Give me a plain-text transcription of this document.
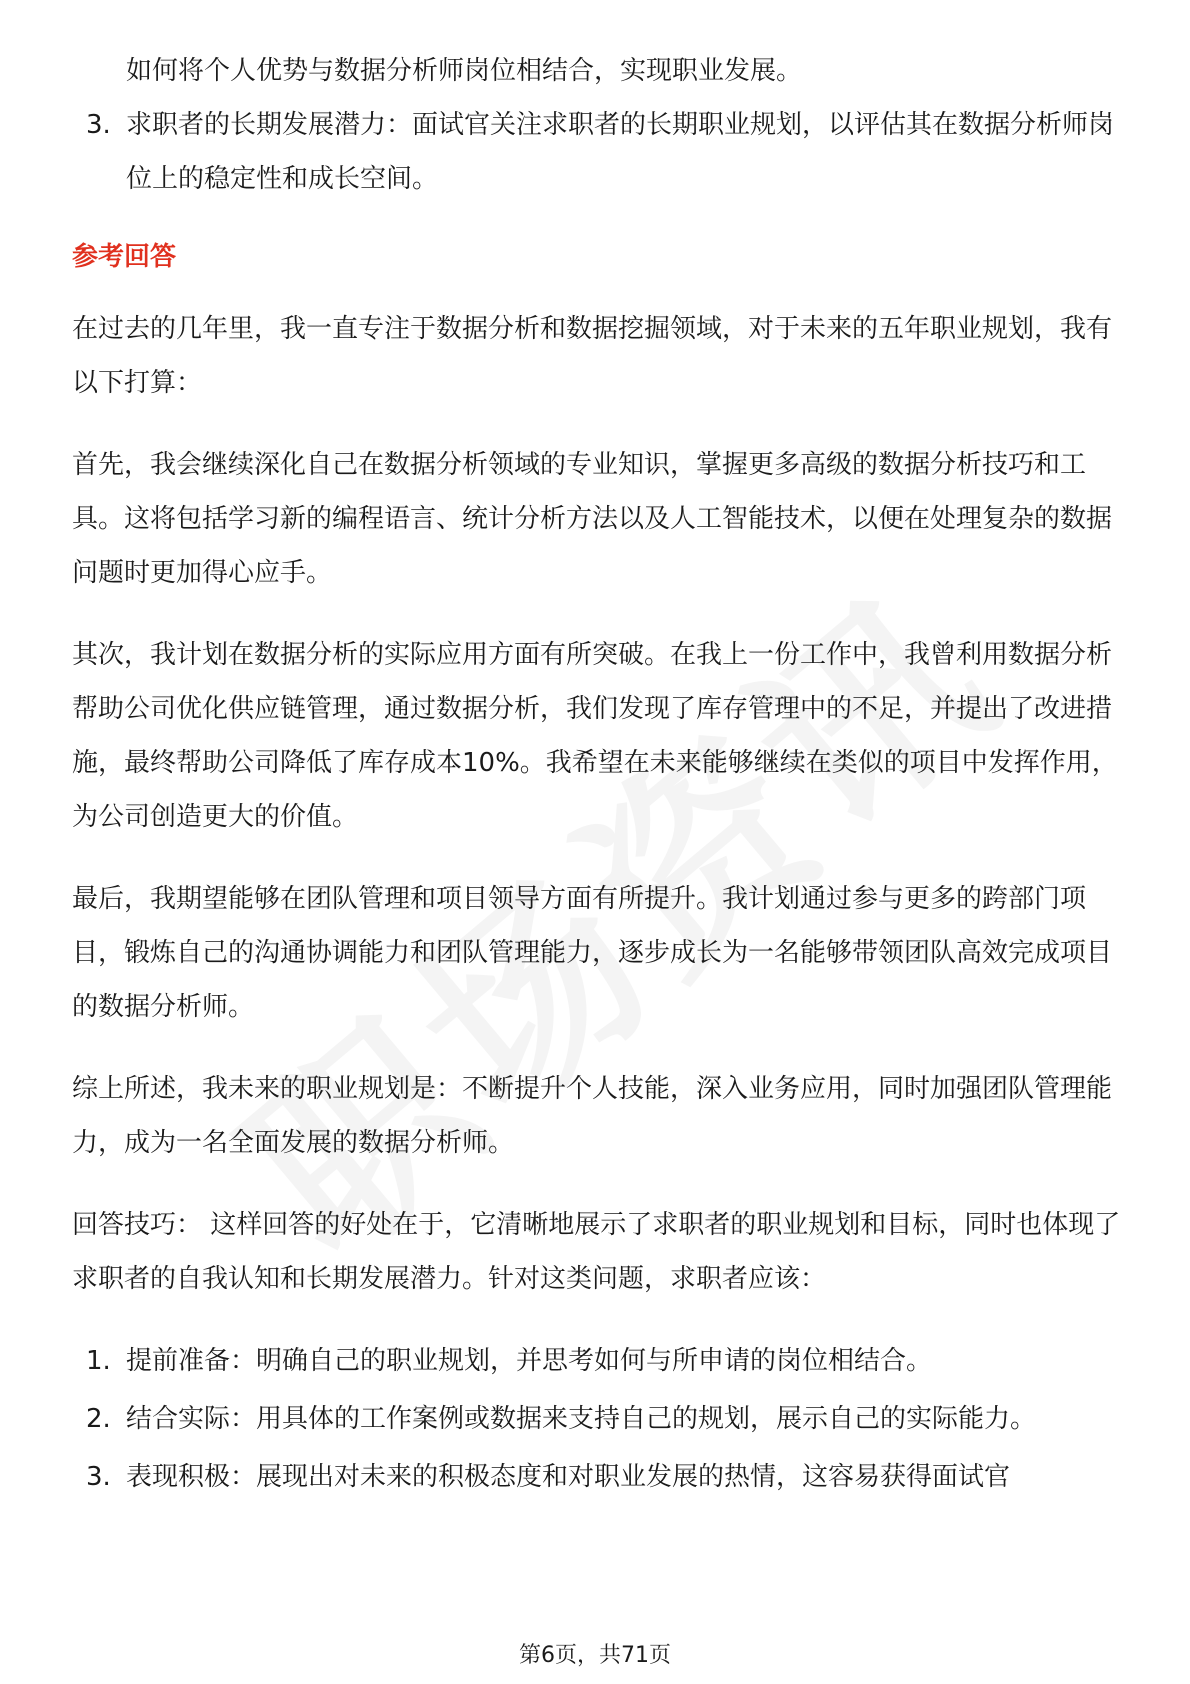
如何将个人优势与数据分析师岗位相结合，实现职业发展。

3. 求职者的长期发展潜力：面试官关注求职者的长期职业规划，以评估其在数据分析师岗位上的稳定性和成长空间。
参考回答

在过去的几年里，我一直专注于数据分析和数据挖掘领域，对于未来的五年职业规划，我有以下打算：

首先，我会继续深化自己在数据分析领域的专业知识，掌握更多高级的数据分析技巧和工具。这将包括学习新的编程语言、统计分析方法以及人工智能技术，以便在处理复杂的数据问题时更加得心应手。

其次，我计划在数据分析的实际应用方面有所突破。在我上一份工作中，我曾利用数据分析帮助公司优化供应链管理，通过数据分析，我们发现了库存管理中的不足，并提出了改进措施，最终帮助公司降低了库存成本10%。我希望在未来能够继续在类似的项目中发挥作用，为公司创造更大的价值。

最后，我期望能够在团队管理和项目领导方面有所提升。我计划通过参与更多的跨部门项目，锻炼自己的沟通协调能力和团队管理能力，逐步成长为一名能够带领团队高效完成项目的数据分析师。

综上所述，我未来的职业规划是：不断提升个人技能，深入业务应用，同时加强团队管理能力，成为一名全面发展的数据分析师。

回答技巧： 这样回答的好处在于，它清晰地展示了求职者的职业规划和目标，同时也体现了求职者的自我认知和长期发展潜力。针对这类问题，求职者应该：

1. 提前准备：明确自己的职业规划，并思考如何与所申请的岗位相结合。
2. 结合实际：用具体的工作案例或数据来支持自己的规划，展示自己的实际能力。
3. 表现积极：展现出对未来的积极态度和对职业发展的热情，这容易获得面试官
第6页，共71页
